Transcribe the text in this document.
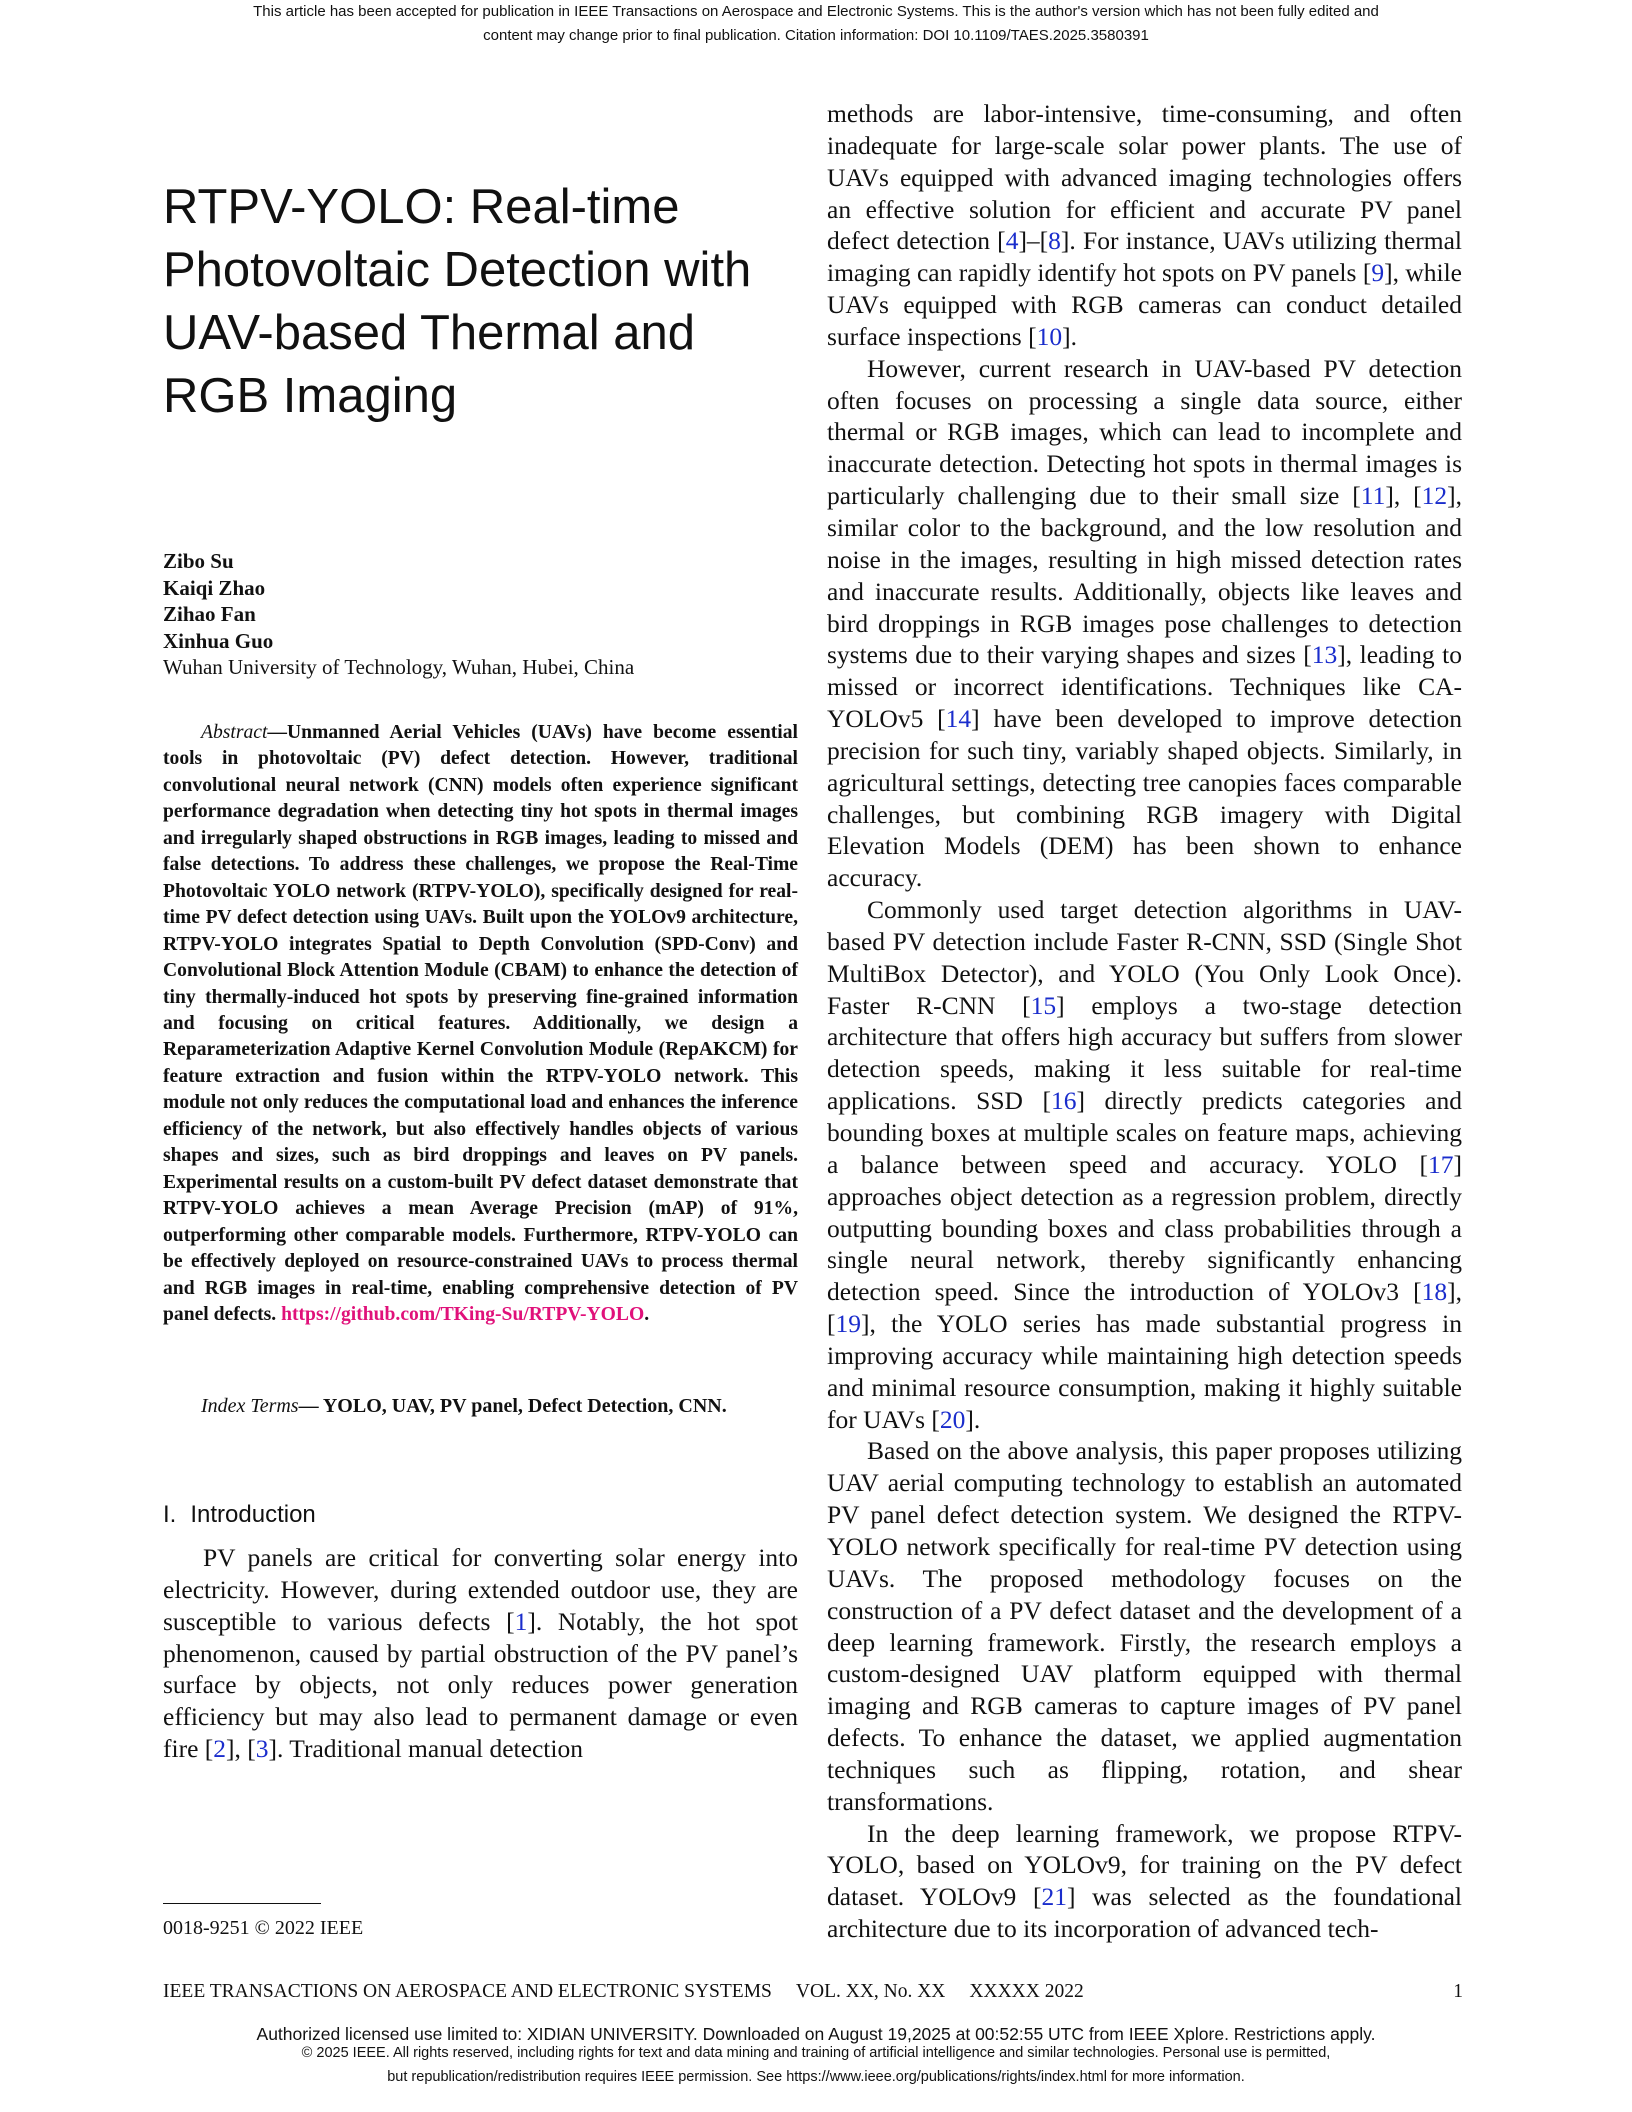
This article has been accepted for publication in IEEE Transactions on Aerospace and Electronic Systems. This is the author's version which has not been fully edited and
content may change prior to final publication. Citation information: DOI 10.1109/TAES.2025.3580391
RTPV-YOLO: Real-time
Photovoltaic Detection with
UAV-based Thermal and
RGB Imaging
Zibo Su
Kaiqi Zhao
Zihao Fan
Xinhua Guo
Wuhan University of Technology, Wuhan, Hubei, China
Abstract—Unmanned Aerial Vehicles (UAVs) have become essential tools in photovoltaic (PV) defect detection. However, traditional convolutional neural network (CNN) models often experience significant performance degradation when detecting tiny hot spots in thermal images and irregularly shaped obstructions in RGB images, leading to missed and false detections. To address these challenges, we propose the Real-Time Photovoltaic YOLO network (RTPV-YOLO), specifically designed for real-time PV defect detection using UAVs. Built upon the YOLOv9 architecture, RTPV-YOLO integrates Spatial to Depth Convolution (SPD-Conv) and Convolutional Block Attention Module (CBAM) to enhance the detection of tiny thermally-induced hot spots by preserving fine-grained information and focusing on critical features. Additionally, we design a Reparameterization Adaptive Kernel Convolution Module (RepAKCM) for feature extraction and fusion within the RTPV-YOLO network. This module not only reduces the computational load and enhances the inference efficiency of the network, but also effectively handles objects of various shapes and sizes, such as bird droppings and leaves on PV panels. Experimental results on a custom-built PV defect dataset demonstrate that RTPV-YOLO achieves a mean Average Precision (mAP) of 91%, outperforming other comparable models. Furthermore, RTPV-YOLO can be effectively deployed on resource-constrained UAVs to process thermal and RGB images in real-time, enabling comprehensive detection of PV panel defects. https://github.com/TKing-Su/RTPV-YOLO.
Index Terms— YOLO, UAV, PV panel, Defect Detection, CNN.
I. Introduction

PV panels are critical for converting solar energy into electricity. However, during extended outdoor use, they are susceptible to various defects [1]. Notably, the hot spot phenomenon, caused by partial obstruction of the PV panel’s surface by objects, not only reduces power generation efficiency but may also lead to permanent damage or even fire [2], [3]. Traditional manual detection

methods are labor-intensive, time-consuming, and often inadequate for large-scale solar power plants. The use of UAVs equipped with advanced imaging technologies offers an effective solution for efficient and accurate PV panel defect detection [4]–[8]. For instance, UAVs utilizing thermal imaging can rapidly identify hot spots on PV panels [9], while UAVs equipped with RGB cameras can conduct detailed surface inspections [10].

However, current research in UAV-based PV detection often focuses on processing a single data source, either thermal or RGB images, which can lead to incomplete and inaccurate detection. Detecting hot spots in thermal images is particularly challenging due to their small size [11], [12], similar color to the background, and the low resolution and noise in the images, resulting in high missed detection rates and inaccurate results. Additionally, objects like leaves and bird droppings in RGB images pose challenges to detection systems due to their varying shapes and sizes [13], leading to missed or incorrect identifications. Techniques like CA-YOLOv5 [14] have been developed to improve detection precision for such tiny, variably shaped objects. Similarly, in agricultural settings, detecting tree canopies faces comparable challenges, but combining RGB imagery with Digital Elevation Models (DEM) has been shown to enhance accuracy.

Commonly used target detection algorithms in UAV-based PV detection include Faster R-CNN, SSD (Single Shot MultiBox Detector), and YOLO (You Only Look Once). Faster R-CNN [15] employs a two-stage detection architecture that offers high accuracy but suffers from slower detection speeds, making it less suitable for real-time applications. SSD [16] directly predicts categories and bounding boxes at multiple scales on feature maps, achieving a balance between speed and accuracy. YOLO [17] approaches object detection as a regression problem, directly outputting bounding boxes and class probabilities through a single neural network, thereby significantly enhancing detection speed. Since the introduction of YOLOv3 [18], [19], the YOLO series has made substantial progress in improving accuracy while maintaining high detection speeds and minimal resource consumption, making it highly suitable for UAVs [20].

Based on the above analysis, this paper proposes utilizing UAV aerial computing technology to establish an automated PV panel defect detection system. We designed the RTPV-YOLO network specifically for real-time PV detection using UAVs. The proposed methodology focuses on the construction of a PV defect dataset and the development of a deep learning framework. Firstly, the research employs a custom-designed UAV platform equipped with thermal imaging and RGB cameras to capture images of PV panel defects. To enhance the dataset, we applied augmentation techniques such as flipping, rotation, and shear transformations.

In the deep learning framework, we propose RTPV-YOLO, based on YOLOv9, for training on the PV defect dataset. YOLOv9 [21] was selected as the foundational architecture due to its incorporation of advanced tech-

0018-9251 © 2022 IEEE
IEEE TRANSACTIONS ON AEROSPACE AND ELECTRONIC SYSTEMS VOL. XX, No. XX XXXXX 2022	1
Authorized licensed use limited to: XIDIAN UNIVERSITY. Downloaded on August 19,2025 at 00:52:55 UTC from IEEE Xplore. Restrictions apply.
© 2025 IEEE. All rights reserved, including rights for text and data mining and training of artificial intelligence and similar technologies. Personal use is permitted,
but republication/redistribution requires IEEE permission. See https://www.ieee.org/publications/rights/index.html for more information.
